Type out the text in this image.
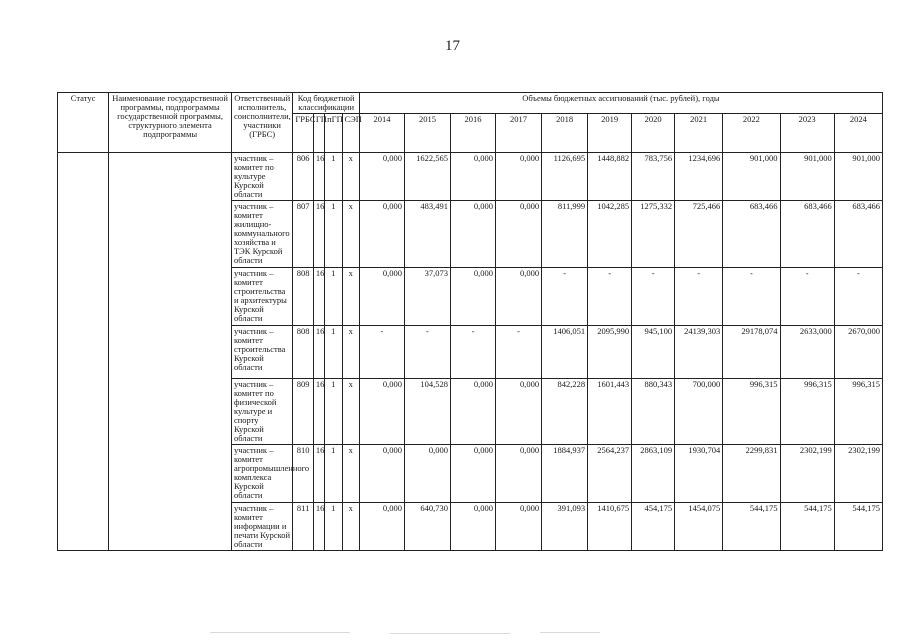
17
Статус	Наименование государственной программы, подпрограммы государственной программы, структурного элемента подпрограммы	Ответственный исполнитель, соисполнители, участники (ГРБС)	Код бюджетной классификации				Объемы бюджетных ассигнований (тыс. рублей), годы										
			ГРБС	ГП	пГП	СЭП	2014	2015	2016	2017	2018	2019	2020	2021	2022	2023	2024
		участник – комитет по культуре Курской области	806	16	1	х	0,000	1622,565	0,000	0,000	1126,695	1448,882	783,756	1234,696	901,000	901,000	901,000
		участник – комитет жилищно-коммунального хозяйства и ТЭК Курской области	807	16	1	х	0,000	483,491	0,000	0,000	811,999	1042,285	1275,332	725,466	683,466	683,466	683,466
		участник – комитет строительства и архитектуры Курской области	808	16	1	х	0,000	37,073	0,000	0,000	-	-	-	-	-	-	-
		участник – комитет строительства Курской области	808	16	1	х	-	-	-	-	1406,051	2095,990	945,100	24139,303	29178,074	2633,000	2670,000
		участник – комитет по физической культуре и спорту Курской области	809	16	1	х	0,000	104,528	0,000	0,000	842,228	1601,443	880,343	700,000	996,315	996,315	996,315
		участник – комитет агропромышленного комплекса Курской области	810	16	1	х	0,000	0,000	0,000	0,000	1884,937	2564,237	2863,109	1930,704	2299,831	2302,199	2302,199
		участник – комитет информации и печати Курской области	811	16	1	х	0,000	640,730	0,000	0,000	391,093	1410,675	454,175	1454,075	544,175	544,175	544,175
